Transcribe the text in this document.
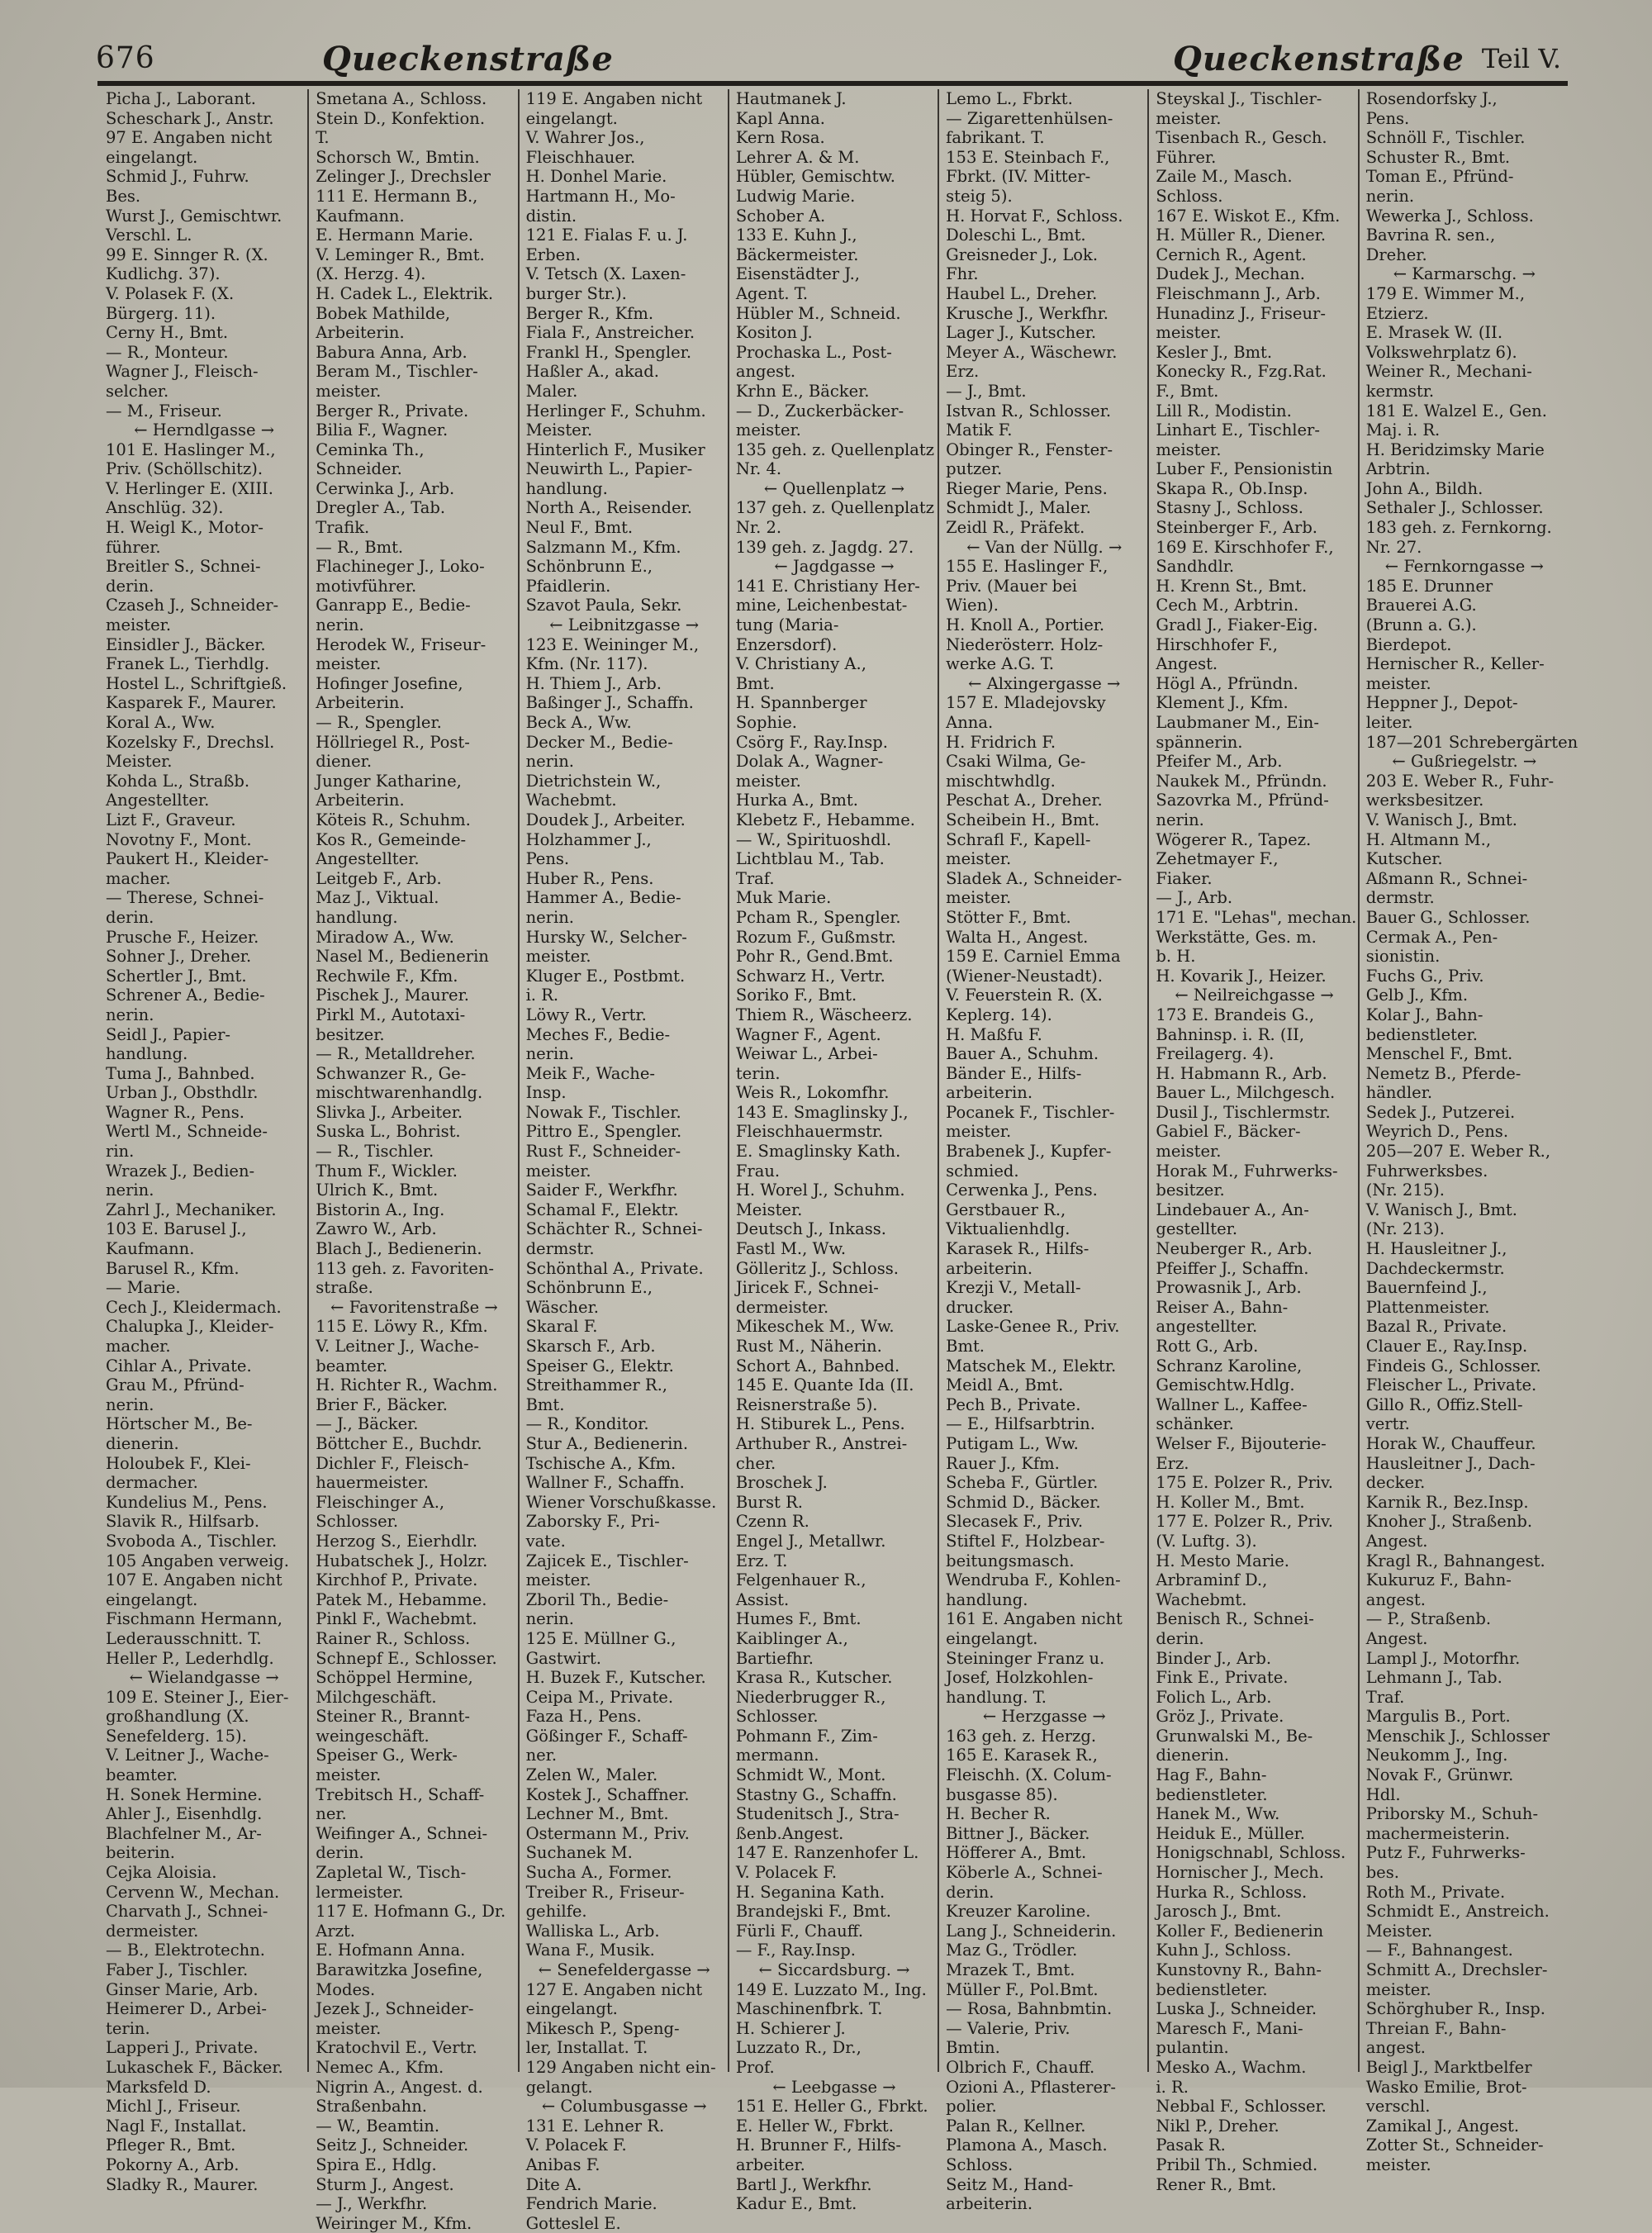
676	Queckenstraße	Queckenstraße Teil V.
Picha J., Laborant.
Scheschark J., Anstr.
97 E. Angaben nicht
eingelangt.
Schmid J., Fuhrw.
Bes.
Wurst J., Gemischtwr.
Verschl. L.
99 E. Sinnger R. (X.
Kudlichg. 37).
V. Polasek F. (X.
Bürgerg. 11).
Cerny H., Bmt.
— R., Monteur.
Wagner J., Fleisch-
selcher.
— M., Friseur.
← Herndlgasse →
101 E. Haslinger M.,
Priv. (Schöllschitz).
V. Herlinger E. (XIII.
Anschlüg. 32).
H. Weigl K., Motor-
führer.
Breitler S., Schnei-
derin.
Czaseh J., Schneider-
meister.
Einsidler J., Bäcker.
Franek L., Tierhdlg.
Hostel L., Schriftgieß.
Kasparek F., Maurer.
Koral A., Ww.
Kozelsky F., Drechsl.
Meister.
Kohda L., Straßb.
Angestellter.
Lizt F., Graveur.
Novotny F., Mont.
Paukert H., Kleider-
macher.
— Therese, Schnei-
derin.
Prusche F., Heizer.
Sohner J., Dreher.
Schertler J., Bmt.
Schrener A., Bedie-
nerin.
Seidl J., Papier-
handlung.
Tuma J., Bahnbed.
Urban J., Obsthdlr.
Wagner R., Pens.
Wertl M., Schneide-
rin.
Wrazek J., Bedien-
nerin.
Zahrl J., Mechaniker.
103 E. Barusel J.,
Kaufmann.
Barusel R., Kfm.
— Marie.
Cech J., Kleidermach.
Chalupka J., Kleider-
macher.
Cihlar A., Private.
Grau M., Pfründ-
nerin.
Hörtscher M., Be-
dienerin.
Holoubek F., Klei-
dermacher.
Kundelius M., Pens.
Slavik R., Hilfsarb.
Svoboda A., Tischler.
105 Angaben verweig.
107 E. Angaben nicht
eingelangt.
Fischmann Hermann,
Lederausschnitt. T.
Heller P., Lederhdlg.
← Wielandgasse →
109 E. Steiner J., Eier-
großhandlung (X.
Senefelderg. 15).
V. Leitner J., Wache-
beamter.
H. Sonek Hermine.
Ahler J., Eisenhdlg.
Blachfelner M., Ar-
beiterin.
Cejka Aloisia.
Cervenn W., Mechan.
Charvath J., Schnei-
dermeister.
— B., Elektrotechn.
Faber J., Tischler.
Ginser Marie, Arb.
Heimerer D., Arbei-
terin.
Lapperi J., Private.
Lukaschek F., Bäcker.
Marksfeld D.
Michl J., Friseur.
Nagl F., Installat.
Pfleger R., Bmt.
Pokorny A., Arb.
Sladky R., Maurer.
Smetana A., Schloss.
Stein D., Konfektion.
T.
Schorsch W., Bmtin.
Zelinger J., Drechsler
111 E. Hermann B.,
Kaufmann.
E. Hermann Marie.
V. Leminger R., Bmt.
(X. Herzg. 4).
H. Cadek L., Elektrik.
Bobek Mathilde,
Arbeiterin.
Babura Anna, Arb.
Beram M., Tischler-
meister.
Berger R., Private.
Bilia F., Wagner.
Ceminka Th.,
Schneider.
Cerwinka J., Arb.
Dregler A., Tab.
Trafik.
— R., Bmt.
Flachineger J., Loko-
motivführer.
Ganrapp E., Bedie-
nerin.
Herodek W., Friseur-
meister.
Hofinger Josefine,
Arbeiterin.
— R., Spengler.
Höllriegel R., Post-
diener.
Junger Katharine,
Arbeiterin.
Köteis R., Schuhm.
Kos R., Gemeinde-
Angestellter.
Leitgeb F., Arb.
Maz J., Viktual.
handlung.
Miradow A., Ww.
Nasel M., Bedienerin
Rechwile F., Kfm.
Pischek J., Maurer.
Pirkl M., Autotaxi-
besitzer.
— R., Metalldreher.
Schwanzer R., Ge-
mischtwarenhandlg.
Slivka J., Arbeiter.
Suska L., Bohrist.
— R., Tischler.
Thum F., Wickler.
Ulrich K., Bmt.
Bistorin A., Ing.
Zawro W., Arb.
Blach J., Bedienerin.
113 geh. z. Favoriten-
straße.
← Favoritenstraße →
115 E. Löwy R., Kfm.
V. Leitner J., Wache-
beamter.
H. Richter R., Wachm.
Brier F., Bäcker.
— J., Bäcker.
Böttcher E., Buchdr.
Dichler F., Fleisch-
hauermeister.
Fleischinger A.,
Schlosser.
Herzog S., Eierhdlr.
Hubatschek J., Holzr.
Kirchhof P., Private.
Patek M., Hebamme.
Pinkl F., Wachebmt.
Rainer R., Schloss.
Schnepf E., Schlosser.
Schöppel Hermine,
Milchgeschäft.
Steiner R., Brannt-
weingeschäft.
Speiser G., Werk-
meister.
Trebitsch H., Schaff-
ner.
Weifinger A., Schnei-
derin.
Zapletal W., Tisch-
lermeister.
117 E. Hofmann G., Dr.
Arzt.
E. Hofmann Anna.
Barawitzka Josefine,
Modes.
Jezek J., Schneider-
meister.
Kratochvil E., Vertr.
Nemec A., Kfm.
Nigrin A., Angest. d.
Straßenbahn.
— W., Beamtin.
Seitz J., Schneider.
Spira E., Hdlg.
Sturm J., Angest.
— J., Werkfhr.
Weiringer M., Kfm.
119 E. Angaben nicht
eingelangt.
V. Wahrer Jos.,
Fleischhauer.
H. Donhel Marie.
Hartmann H., Mo-
distin.
121 E. Fialas F. u. J.
Erben.
V. Tetsch (X. Laxen-
burger Str.).
Berger R., Kfm.
Fiala F., Anstreicher.
Frankl H., Spengler.
Haßler A., akad.
Maler.
Herlinger F., Schuhm.
Meister.
Hinterlich F., Musiker
Neuwirth L., Papier-
handlung.
North A., Reisender.
Neul F., Bmt.
Salzmann M., Kfm.
Schönbrunn E.,
Pfaidlerin.
Szavot Paula, Sekr.
← Leibnitzgasse →
123 E. Weininger M.,
Kfm. (Nr. 117).
H. Thiem J., Arb.
Baßinger J., Schaffn.
Beck A., Ww.
Decker M., Bedie-
nerin.
Dietrichstein W.,
Wachebmt.
Doudek J., Arbeiter.
Holzhammer J.,
Pens.
Huber R., Pens.
Hammer A., Bedie-
nerin.
Hursky W., Selcher-
meister.
Kluger E., Postbmt.
i. R.
Löwy R., Vertr.
Meches F., Bedie-
nerin.
Meik F., Wache-
Insp.
Nowak F., Tischler.
Pittro E., Spengler.
Rust F., Schneider-
meister.
Saider F., Werkfhr.
Schamal F., Elektr.
Schächter R., Schnei-
dermstr.
Schönthal A., Private.
Schönbrunn E.,
Wäscher.
Skaral F.
Skarsch F., Arb.
Speiser G., Elektr.
Streithammer R.,
Bmt.
— R., Konditor.
Stur A., Bedienerin.
Tschische A., Kfm.
Wallner F., Schaffn.
Wiener Vorschußkasse.
Zaborsky F., Pri-
vate.
Zajicek E., Tischler-
meister.
Zboril Th., Bedie-
nerin.
125 E. Müllner G.,
Gastwirt.
H. Buzek F., Kutscher.
Ceipa M., Private.
Faza H., Pens.
Gößinger F., Schaff-
ner.
Zelen W., Maler.
Kostek J., Schaffner.
Lechner M., Bmt.
Ostermann M., Priv.
Suchanek M.
Sucha A., Former.
Treiber R., Friseur-
gehilfe.
Walliska L., Arb.
Wana F., Musik.
← Senefeldergasse →
127 E. Angaben nicht
eingelangt.
Mikesch P., Speng-
ler, Installat. T.
129 Angaben nicht ein-
gelangt.
← Columbusgasse →
131 E. Lehner R.
V. Polacek F.
Anibas F.
Dite A.
Fendrich Marie.
Gotteslel E.
Hautmanek J.
Kapl Anna.
Kern Rosa.
Lehrer A. & M.
Hübler, Gemischtw.
Ludwig Marie.
Schober A.
133 E. Kuhn J.,
Bäckermeister.
Eisenstädter J.,
Agent. T.
Hübler M., Schneid.
Kositon J.
Prochaska L., Post-
angest.
Krhn E., Bäcker.
— D., Zuckerbäcker-
meister.
135 geh. z. Quellenplatz
Nr. 4.
← Quellenplatz →
137 geh. z. Quellenplatz
Nr. 2.
139 geh. z. Jagdg. 27.
← Jagdgasse →
141 E. Christiany Her-
mine, Leichenbestat-
tung (Maria-
Enzersdorf).
V. Christiany A.,
Bmt.
H. Spannberger
Sophie.
Csörg F., Ray.Insp.
Dolak A., Wagner-
meister.
Hurka A., Bmt.
Klebetz F., Hebamme.
— W., Spirituoshdl.
Lichtblau M., Tab.
Traf.
Muk Marie.
Pcham R., Spengler.
Rozum F., Gußmstr.
Pohr R., Gend.Bmt.
Schwarz H., Vertr.
Soriko F., Bmt.
Thiem R., Wäscheerz.
Wagner F., Agent.
Weiwar L., Arbei-
terin.
Weis R., Lokomfhr.
143 E. Smaglinsky J.,
Fleischhauermstr.
E. Smaglinsky Kath.
Frau.
H. Worel J., Schuhm.
Meister.
Deutsch J., Inkass.
Fastl M., Ww.
Gölleritz J., Schloss.
Jiricek F., Schnei-
dermeister.
Mikeschek M., Ww.
Rust M., Näherin.
Schort A., Bahnbed.
145 E. Quante Ida (II.
Reisnerstraße 5).
H. Stiburek L., Pens.
Arthuber R., Anstrei-
cher.
Broschek J.
Burst R.
Czenn R.
Engel J., Metallwr.
Erz. T.
Felgenhauer R.,
Assist.
Humes F., Bmt.
Kaiblinger A.,
Bartiefhr.
Krasa R., Kutscher.
Niederbrugger R.,
Schlosser.
Pohmann F., Zim-
mermann.
Schmidt W., Mont.
Stastny G., Schaffn.
Studenitsch J., Stra-
ßenb.Angest.
147 E. Ranzenhofer L.
V. Polacek F.
H. Seganina Kath.
Brandejski F., Bmt.
Fürli F., Chauff.
— F., Ray.Insp.
← Siccardsburg. →
149 E. Luzzato M., Ing.
Maschinenfbrk. T.
H. Schierer J.
Luzzato R., Dr.,
Prof.
← Leebgasse →
151 E. Heller G., Fbrkt.
E. Heller W., Fbrkt.
H. Brunner F., Hilfs-
arbeiter.
Bartl J., Werkfhr.
Kadur E., Bmt.
Lemo L., Fbrkt.
— Zigarettenhülsen-
fabrikant. T.
153 E. Steinbach F.,
Fbrkt. (IV. Mitter-
steig 5).
H. Horvat F., Schloss.
Doleschi L., Bmt.
Greisneder J., Lok.
Fhr.
Haubel L., Dreher.
Krusche J., Werkfhr.
Lager J., Kutscher.
Meyer A., Wäschewr.
Erz.
— J., Bmt.
Istvan R., Schlosser.
Matik F.
Obinger R., Fenster-
putzer.
Rieger Marie, Pens.
Schmidt J., Maler.
Zeidl R., Präfekt.
← Van der Nüllg. →
155 E. Haslinger F.,
Priv. (Mauer bei
Wien).
H. Knoll A., Portier.
Niederösterr. Holz-
werke A.G. T.
← Alxingergasse →
157 E. Mladejovsky
Anna.
H. Fridrich F.
Csaki Wilma, Ge-
mischtwhdlg.
Peschat A., Dreher.
Scheibein H., Bmt.
Schrafl F., Kapell-
meister.
Sladek A., Schneider-
meister.
Stötter F., Bmt.
Walta H., Angest.
159 E. Carniel Emma
(Wiener-Neustadt).
V. Feuerstein R. (X.
Keplerg. 14).
H. Maßfu F.
Bauer A., Schuhm.
Bänder E., Hilfs-
arbeiterin.
Pocanek F., Tischler-
meister.
Brabenek J., Kupfer-
schmied.
Cerwenka J., Pens.
Gerstbauer R.,
Viktualienhdlg.
Karasek R., Hilfs-
arbeiterin.
Krezji V., Metall-
drucker.
Laske-Genee R., Priv.
Bmt.
Matschek M., Elektr.
Meidl A., Bmt.
Pech B., Private.
— E., Hilfsarbtrin.
Putigam L., Ww.
Rauer J., Kfm.
Scheba F., Gürtler.
Schmid D., Bäcker.
Slecasek F., Priv.
Stiftel F., Holzbear-
beitungsmasch.
Wendruba F., Kohlen-
handlung.
161 E. Angaben nicht
eingelangt.
Steininger Franz u.
Josef, Holzkohlen-
handlung. T.
← Herzgasse →
163 geh. z. Herzg.
165 E. Karasek R.,
Fleischh. (X. Colum-
busgasse 85).
H. Becher R.
Bittner J., Bäcker.
Höfferer A., Bmt.
Köberle A., Schnei-
derin.
Kreuzer Karoline.
Lang J., Schneiderin.
Maz G., Trödler.
Mrazek T., Bmt.
Müller F., Pol.Bmt.
— Rosa, Bahnbmtin.
— Valerie, Priv.
Bmtin.
Olbrich F., Chauff.
Ozioni A., Pflasterer-
polier.
Palan R., Kellner.
Plamona A., Masch.
Schloss.
Seitz M., Hand-
arbeiterin.
Steyskal J., Tischler-
meister.
Tisenbach R., Gesch.
Führer.
Zaile M., Masch.
Schloss.
167 E. Wiskot E., Kfm.
H. Müller R., Diener.
Cernich R., Agent.
Dudek J., Mechan.
Fleischmann J., Arb.
Hunadinz J., Friseur-
meister.
Kesler J., Bmt.
Konecky R., Fzg.Rat.
F., Bmt.
Lill R., Modistin.
Linhart E., Tischler-
meister.
Luber F., Pensionistin
Skapa R., Ob.Insp.
Stasny J., Schloss.
Steinberger F., Arb.
169 E. Kirschhofer F.,
Sandhdlr.
H. Krenn St., Bmt.
Cech M., Arbtrin.
Gradl J., Fiaker-Eig.
Hirschhofer F.,
Angest.
Högl A., Pfründn.
Klement J., Kfm.
Laubmaner M., Ein-
spännerin.
Pfeifer M., Arb.
Naukek M., Pfründn.
Sazovrka M., Pfründ-
nerin.
Wögerer R., Tapez.
Zehetmayer F.,
Fiaker.
— J., Arb.
171 E. "Lehas", mechan.
Werkstätte, Ges. m.
b. H.
H. Kovarik J., Heizer.
← Neilreichgasse →
173 E. Brandeis G.,
Bahninsp. i. R. (II,
Freilagerg. 4).
H. Habmann R., Arb.
Bauer L., Milchgesch.
Dusil J., Tischlermstr.
Gabiel F., Bäcker-
meister.
Horak M., Fuhrwerks-
besitzer.
Lindebauer A., An-
gestellter.
Neuberger R., Arb.
Pfeiffer J., Schaffn.
Prowasnik J., Arb.
Reiser A., Bahn-
angestellter.
Rott G., Arb.
Schranz Karoline,
Gemischtw.Hdlg.
Wallner L., Kaffee-
schänker.
Welser F., Bijouterie-
Erz.
175 E. Polzer R., Priv.
H. Koller M., Bmt.
177 E. Polzer R., Priv.
(V. Luftg. 3).
H. Mesto Marie.
Arbraminf D.,
Wachebmt.
Benisch R., Schnei-
derin.
Binder J., Arb.
Fink E., Private.
Folich L., Arb.
Gröz J., Private.
Grunwalski M., Be-
dienerin.
Hag F., Bahn-
bedienstleter.
Hanek M., Ww.
Heiduk E., Müller.
Honigschnabl, Schloss.
Hornischer J., Mech.
Hurka R., Schloss.
Jarosch J., Bmt.
Koller F., Bedienerin
Kuhn J., Schloss.
Kunstovny R., Bahn-
bedienstleter.
Luska J., Schneider.
Maresch F., Mani-
pulantin.
Mesko A., Wachm.
i. R.
Nebbal F., Schlosser.
Nikl P., Dreher.
Pasak R.
Pribil Th., Schmied.
Rener R., Bmt.
Rosendorfsky J.,
Pens.
Schnöll F., Tischler.
Schuster R., Bmt.
Toman E., Pfründ-
nerin.
Wewerka J., Schloss.
Bavrina R. sen.,
Dreher.
← Karmarschg. →
179 E. Wimmer M.,
Etzierz.
E. Mrasek W. (II.
Volkswehrplatz 6).
Weiner R., Mechani-
kermstr.
181 E. Walzel E., Gen.
Maj. i. R.
H. Beridzimsky Marie
Arbtrin.
John A., Bildh.
Sethaler J., Schlosser.
183 geh. z. Fernkorng.
Nr. 27.
← Fernkorngasse →
185 E. Drunner
Brauerei A.G.
(Brunn a. G.).
Bierdepot.
Hernischer R., Keller-
meister.
Heppner J., Depot-
leiter.
187—201 Schrebergärten
← Gußriegelstr. →
203 E. Weber R., Fuhr-
werksbesitzer.
V. Wanisch J., Bmt.
H. Altmann M.,
Kutscher.
Aßmann R., Schnei-
dermstr.
Bauer G., Schlosser.
Cermak A., Pen-
sionistin.
Fuchs G., Priv.
Gelb J., Kfm.
Kolar J., Bahn-
bedienstleter.
Menschel F., Bmt.
Nemetz B., Pferde-
händler.
Sedek J., Putzerei.
Weyrich D., Pens.
205—207 E. Weber R.,
Fuhrwerksbes.
(Nr. 215).
V. Wanisch J., Bmt.
(Nr. 213).
H. Hausleitner J.,
Dachdeckermstr.
Bauernfeind J.,
Plattenmeister.
Bazal R., Private.
Clauer E., Ray.Insp.
Findeis G., Schlosser.
Fleischer L., Private.
Gillo R., Offiz.Stell-
vertr.
Horak W., Chauffeur.
Hausleitner J., Dach-
decker.
Karnik R., Bez.Insp.
Knoher J., Straßenb.
Angest.
Kragl R., Bahnangest.
Kukuruz F., Bahn-
angest.
— P., Straßenb.
Angest.
Lampl J., Motorfhr.
Lehmann J., Tab.
Traf.
Margulis B., Port.
Menschik J., Schlosser
Neukomm J., Ing.
Novak F., Grünwr.
Hdl.
Priborsky M., Schuh-
machermeisterin.
Putz F., Fuhrwerks-
bes.
Roth M., Private.
Schmidt E., Anstreich.
Meister.
— F., Bahnangest.
Schmitt A., Drechsler-
meister.
Schörghuber R., Insp.
Threian F., Bahn-
angest.
Beigl J., Marktbelfer
Wasko Emilie, Brot-
verschl.
Zamikal J., Angest.
Zotter St., Schneider-
meister.
